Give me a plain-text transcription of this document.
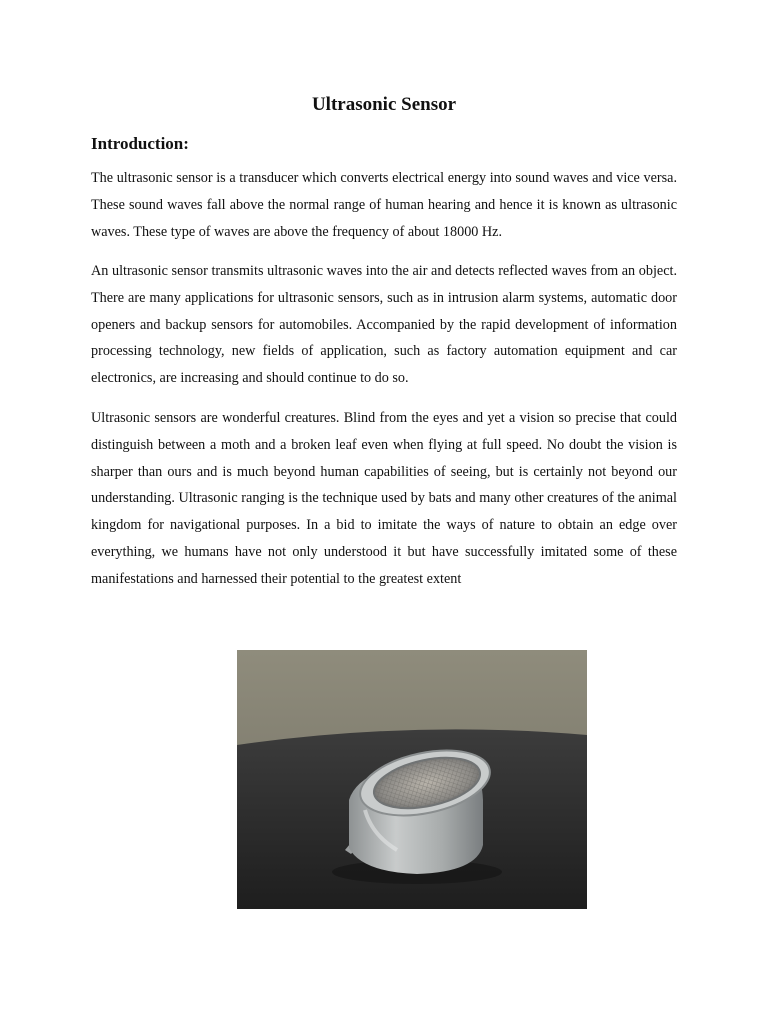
Ultrasonic Sensor
Introduction:

The ultrasonic sensor is a transducer which converts electrical energy into sound waves and vice versa. These sound waves fall above the normal range of human hearing and hence it is known as ultrasonic waves. These type of waves are above the frequency of about 18000 Hz.

An ultrasonic sensor transmits ultrasonic waves into the air and detects reflected waves from an object. There are many applications for ultrasonic sensors, such as in intrusion alarm systems, automatic door openers and backup sensors for automobiles. Accompanied by the rapid development of information processing technology, new fields of application, such as factory automation equipment and car electronics, are increasing and should continue to do so.

Ultrasonic sensors are wonderful creatures. Blind from the eyes and yet a vision so precise that could distinguish between a moth and a broken leaf even when flying at full speed. No doubt the vision is sharper than ours and is much beyond human capabilities of seeing, but is certainly not beyond our understanding. Ultrasonic ranging is the technique used by bats and many other creatures of the animal kingdom for navigational purposes. In a bid to imitate the ways of nature to obtain an edge over everything, we humans have not only understood it but have successfully imitated some of these manifestations and harnessed their potential to the greatest extent
